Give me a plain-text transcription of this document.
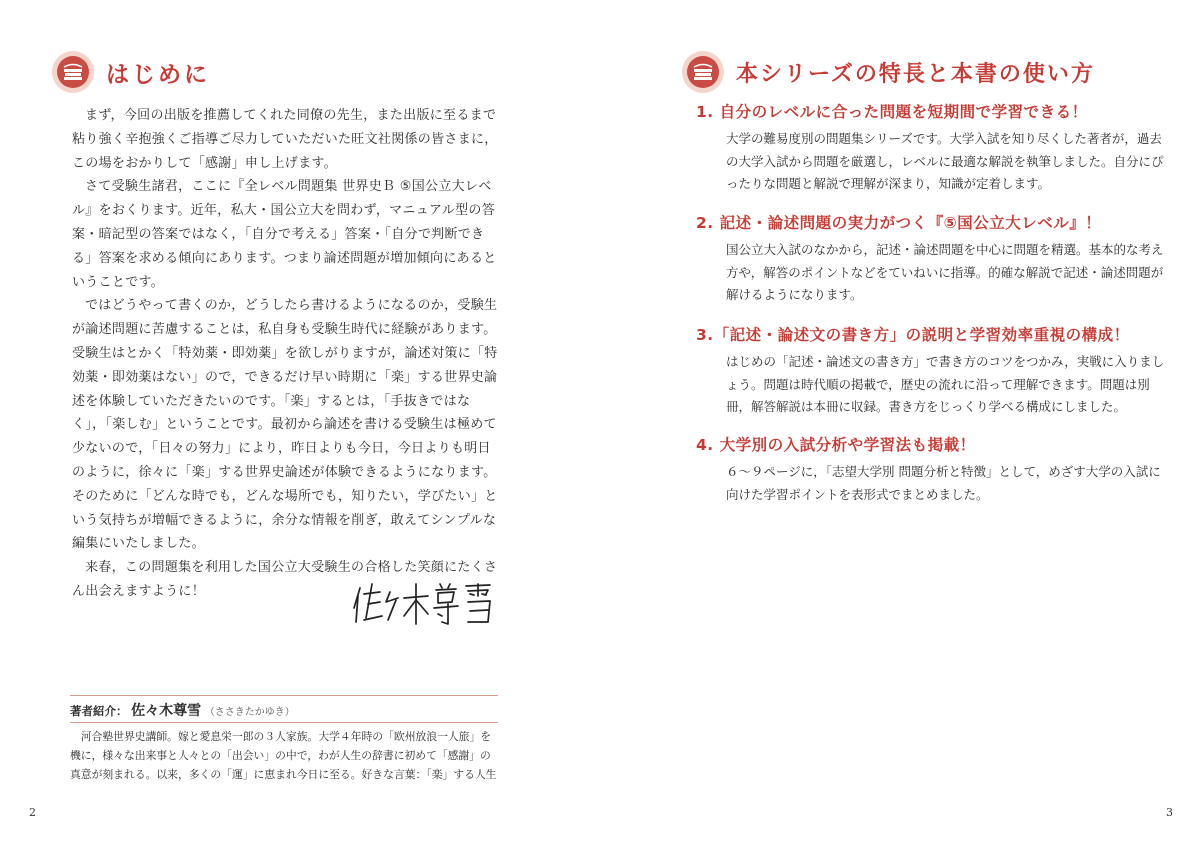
はじめに

まず，今回の出版を推薦してくれた同僚の先生，また出版に至るまで粘り強く辛抱強くご指導ご尽力していただいた旺文社関係の皆さまに，この場をおかりして「感謝」申し上げます。

さて受験生諸君，ここに『全レベル問題集 世界史Ｂ ⑤国公立大レベル』をおくります。近年，私大・国公立大を問わず，マニュアル型の答案・暗記型の答案ではなく，「自分で考える」答案・「自分で判断できる」答案を求める傾向にあります。つまり論述問題が増加傾向にあるということです。

ではどうやって書くのか，どうしたら書けるようになるのか，受験生が論述問題に苦慮することは，私自身も受験生時代に経験があります。受験生はとかく「特効薬・即効薬」を欲しがりますが，論述対策に「特効薬・即効薬はない」ので，できるだけ早い時期に「楽」する世界史論述を体験していただきたいのです。「楽」するとは，「手抜きではなく」，「楽しむ」ということです。最初から論述を書ける受験生は極めて少ないので，「日々の努力」により，昨日よりも今日，今日よりも明日のように，徐々に「楽」する世界史論述が体験できるようになります。そのために「どんな時でも，どんな場所でも，知りたい，学びたい」という気持ちが増幅できるように，余分な情報を削ぎ，敢えてシンプルな編集にいたしました。

来春，この問題集を利用した国公立大受験生の合格した笑顔にたくさん出会えますように！

著者紹介： 佐々木尊雪 （ささきたかゆき）

河合塾世界史講師。嫁と愛息栄一郎の３人家族。大学４年時の「欧州放浪一人旅」を機に，様々な出来事と人々との「出会い」の中で，わが人生の辞書に初めて「感謝」の真意が刻まれる。以来，多くの「運」に恵まれ今日に至る。好きな言葉：「楽」する人生

2
本シリーズの特長と本書の使い方
1. 自分のレベルに合った問題を短期間で学習できる！
大学の難易度別の問題集シリーズです。大学入試を知り尽くした著者が，過去の大学入試から問題を厳選し，レベルに最適な解説を執筆しました。自分にぴったりな問題と解説で理解が深まり，知識が定着します。
2. 記述・論述問題の実力がつく『⑤国公立大レベル』！
国公立大入試のなかから，記述・論述問題を中心に問題を精選。基本的な考え方や，解答のポイントなどをていねいに指導。的確な解説で記述・論述問題が解けるようになります。
3.「記述・論述文の書き方」の説明と学習効率重視の構成！
はじめの「記述・論述文の書き方」で書き方のコツをつかみ，実戦に入りましょう。問題は時代順の掲載で，歴史の流れに沿って理解できます。問題は別冊，解答解説は本冊に収録。書き方をじっくり学べる構成にしました。
4. 大学別の入試分析や学習法も掲載！
６～９ページに，「志望大学別 問題分析と特徴」として，めざす大学の入試に向けた学習ポイントを表形式でまとめました。
3
